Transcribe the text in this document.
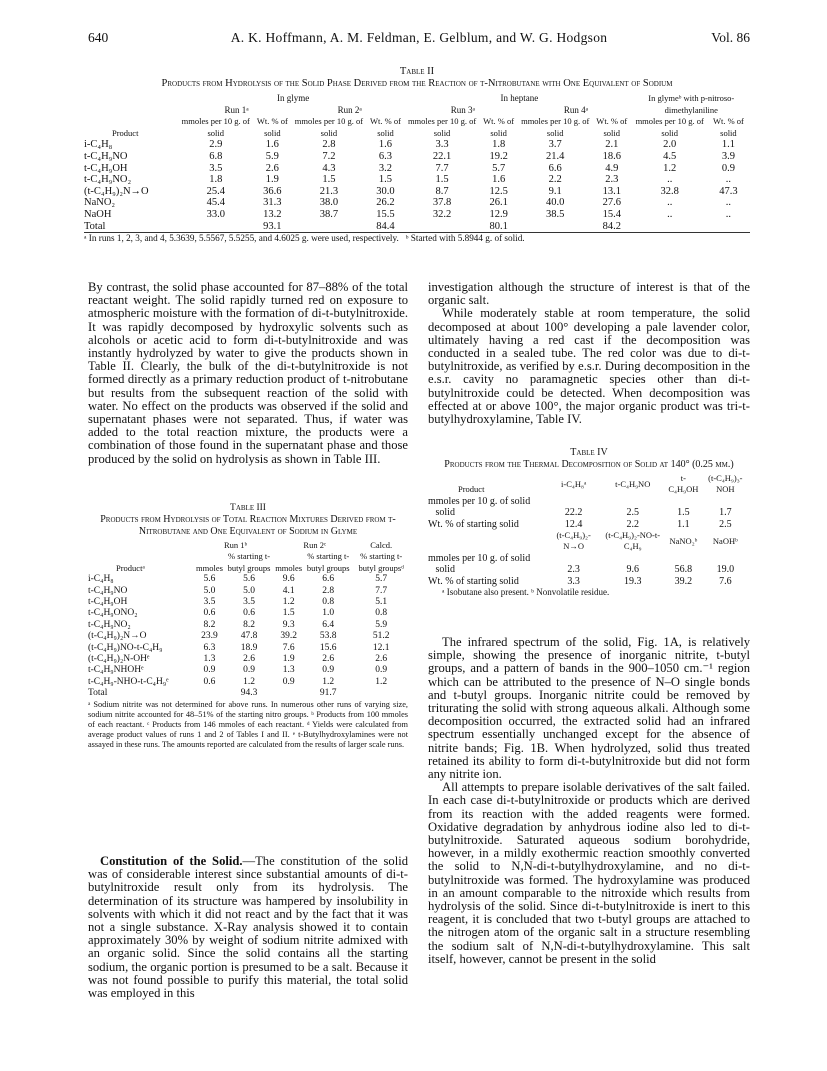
640	A. K. Hoffmann, A. M. Feldman, E. Gelblum, and W. G. Hodgson	Vol. 86
Table II
Products from Hydrolysis of the Solid Phase Derived from the Reaction of t-Nitrobutane with One Equivalent of Sodium
	In glyme				In heptane				In glymeᵇ with p-nitroso-dimethylaniline	
	Run 1ᵃ		Run 2ᵃ		Run 3ᵃ		Run 4ᵃ			
Product	mmoles per 10 g. of solid	Wt. % of solid	mmoles per 10 g. of solid	Wt. % of solid	mmoles per 10 g. of solid	Wt. % of solid	mmoles per 10 g. of solid	Wt. % of solid	mmoles per 10 g. of solid	Wt. % of solid
i-C₄H₈	2.9	1.6	2.8	1.6	3.3	1.8	3.7	2.1	2.0	1.1
t-C₄H₉NO	6.8	5.9	7.2	6.3	22.1	19.2	21.4	18.6	4.5	3.9
t-C₄H₉OH	3.5	2.6	4.3	3.2	7.7	5.7	6.6	4.9	1.2	0.9
t-C₄H₉NO₂	1.8	1.9	1.5	1.5	1.5	1.6	2.2	2.3	..	..
(t-C₄H₉)₂N→O	25.4	36.6	21.3	30.0	8.7	12.5	9.1	13.1	32.8	47.3
NaNO₂	45.4	31.3	38.0	26.2	37.8	26.1	40.0	27.6	..	..
NaOH	33.0	13.2	38.7	15.5	32.2	12.9	38.5	15.4	..	..
Total		93.1		84.4		80.1		84.2		

ᵃ In runs 1, 2, 3, and 4, 5.3639, 5.5567, 5.5255, and 4.6025 g. were used, respectively. ᵇ Started with 5.8944 g. of solid.

By contrast, the solid phase accounted for 87–88% of the total reactant weight. The solid rapidly turned red on exposure to atmospheric moisture with the formation of di-t-butylnitroxide. It was rapidly decomposed by hydroxylic solvents such as alcohols or acetic acid to form di-t-butylnitroxide and was instantly hydrolyzed by water to give the products shown in Table II. Clearly, the bulk of the di-t-butylnitroxide is not formed directly as a primary reduction product of t-nitrobutane but results from the subsequent reaction of the solid with water. No effect on the products was observed if the solid and supernatant phases were not separated. Thus, if water was added to the total reaction mixture, the products were a combination of those found in the supernatant phase and those produced by the solid on hydrolysis as shown in Table III.

Table III
Products from Hydrolysis of Total Reaction Mixtures Derived from t-Nitrobutane and One Equivalent of Sodium in Glyme
	Run 1ᵇ		Run 2ᶜ		Calcd.
Productᵃ	mmoles	% starting t-butyl groups	mmoles	% starting t-butyl groups	% starting t-butyl groupsᵈ
i-C₄H₈	5.6	5.6	9.6	6.6	5.7
t-C₄H₉NO	5.0	5.0	4.1	2.8	7.7
t-C₄H₉OH	3.5	3.5	1.2	0.8	5.1
t-C₄H₉ONO₂	0.6	0.6	1.5	1.0	0.8
t-C₄H₉NO₂	8.2	8.2	9.3	6.4	5.9
(t-C₄H₉)₂N→O	23.9	47.8	39.2	53.8	51.2
(t-C₄H₉)NO-t-C₄H₉	6.3	18.9	7.6	15.6	12.1
(t-C₄H₉)₂N-OHᵉ	1.3	2.6	1.9	2.6	2.6
t-C₄H₉NHOHᵉ	0.9	0.9	1.3	0.9	0.9
t-C₄H₉-NHO-t-C₄H₉ᵉ	0.6	1.2	0.9	1.2	1.2
Total		94.3		91.7	
ᵃ Sodium nitrite was not determined for above runs. In numerous other runs of varying size, sodium nitrite accounted for 48–51% of the starting nitro groups. ᵇ Products from 100 mmoles of each reactant. ᶜ Products from 146 mmoles of each reactant. ᵈ Yields were calculated from average product values of runs 1 and 2 of Tables I and II. ᵉ t-Butylhydroxylamines were not assayed in these runs. The amounts reported are calculated from the results of larger scale runs.

Constitution of the Solid.—The constitution of the solid was of considerable interest since substantial amounts of di-t-butylnitroxide result only from its hydrolysis. The determination of its structure was hampered by insolubility in solvents with which it did not react and by the fact that it was not a single substance. X-Ray analysis showed it to contain approximately 30% by weight of sodium nitrite admixed with an organic solid. Since the solid contains all the starting sodium, the organic portion is presumed to be a salt. Because it was not found possible to purify this material, the total solid was employed in this

investigation although the structure of interest is that of the organic salt.

While moderately stable at room temperature, the solid decomposed at about 100° developing a pale lavender color, ultimately having a red cast if the decomposition was conducted in a sealed tube. The red color was due to di-t-butylnitroxide, as verified by e.s.r. During decomposition in the e.s.r. cavity no paramagnetic species other than di-t-butylnitroxide could be detected. When decomposition was effected at or above 100°, the major organic product was tri-t-butylhydroxylamine, Table IV.

Table IV
Products from the Thermal Decomposition of Solid at 140° (0.25 mm.)
Product	i-C₄H₈ᵃ	t-C₄H₉NO	t-C₄H₉OH	(t-C₄H₉)₃-NOH
mmoles per 10 g. of solid				
solid	22.2	2.5	1.5	1.7
Wt. % of starting solid	12.4	2.2	1.1	2.5
	(t-C₄H₉)₂-N→O	(t-C₄H₉)₂-NO-t-C₄H₉	NaNO₂ᵇ	NaOHᵇ
mmoles per 10 g. of solid				
solid	2.3	9.6	56.8	19.0
Wt. % of starting solid	3.3	19.3	39.2	7.6
ᵃ Isobutane also present. ᵇ Nonvolatile residue.

The infrared spectrum of the solid, Fig. 1A, is relatively simple, showing the presence of inorganic nitrite, t-butyl groups, and a pattern of bands in the 900–1050 cm.⁻¹ region which can be attributed to the presence of N–O single bonds and t-butyl groups. Inorganic nitrite could be removed by triturating the solid with strong aqueous alkali. Although some decomposition occurred, the extracted solid had an infrared spectrum essentially unchanged except for the absence of nitrite bands; Fig. 1B. When hydrolyzed, solid thus treated retained its ability to form di-t-butylnitroxide but did not form any nitrite ion.

All attempts to prepare isolable derivatives of the salt failed. In each case di-t-butylnitroxide or products which are derived from its reaction with the added reagents were formed. Oxidative degradation by anhydrous iodine also led to di-t-butylnitroxide. Saturated aqueous sodium borohydride, however, in a mildly exothermic reaction smoothly converted the solid to N,N-di-t-butylhydroxylamine, and no di-t-butylnitroxide was formed. The hydroxylamine was produced in an amount comparable to the nitroxide which results from hydrolysis of the solid. Since di-t-butylnitroxide is inert to this reagent, it is concluded that two t-butyl groups are attached to the nitrogen atom of the organic salt in a structure resembling the sodium salt of N,N-di-t-butylhydroxylamine. This salt itself, however, cannot be present in the solid
